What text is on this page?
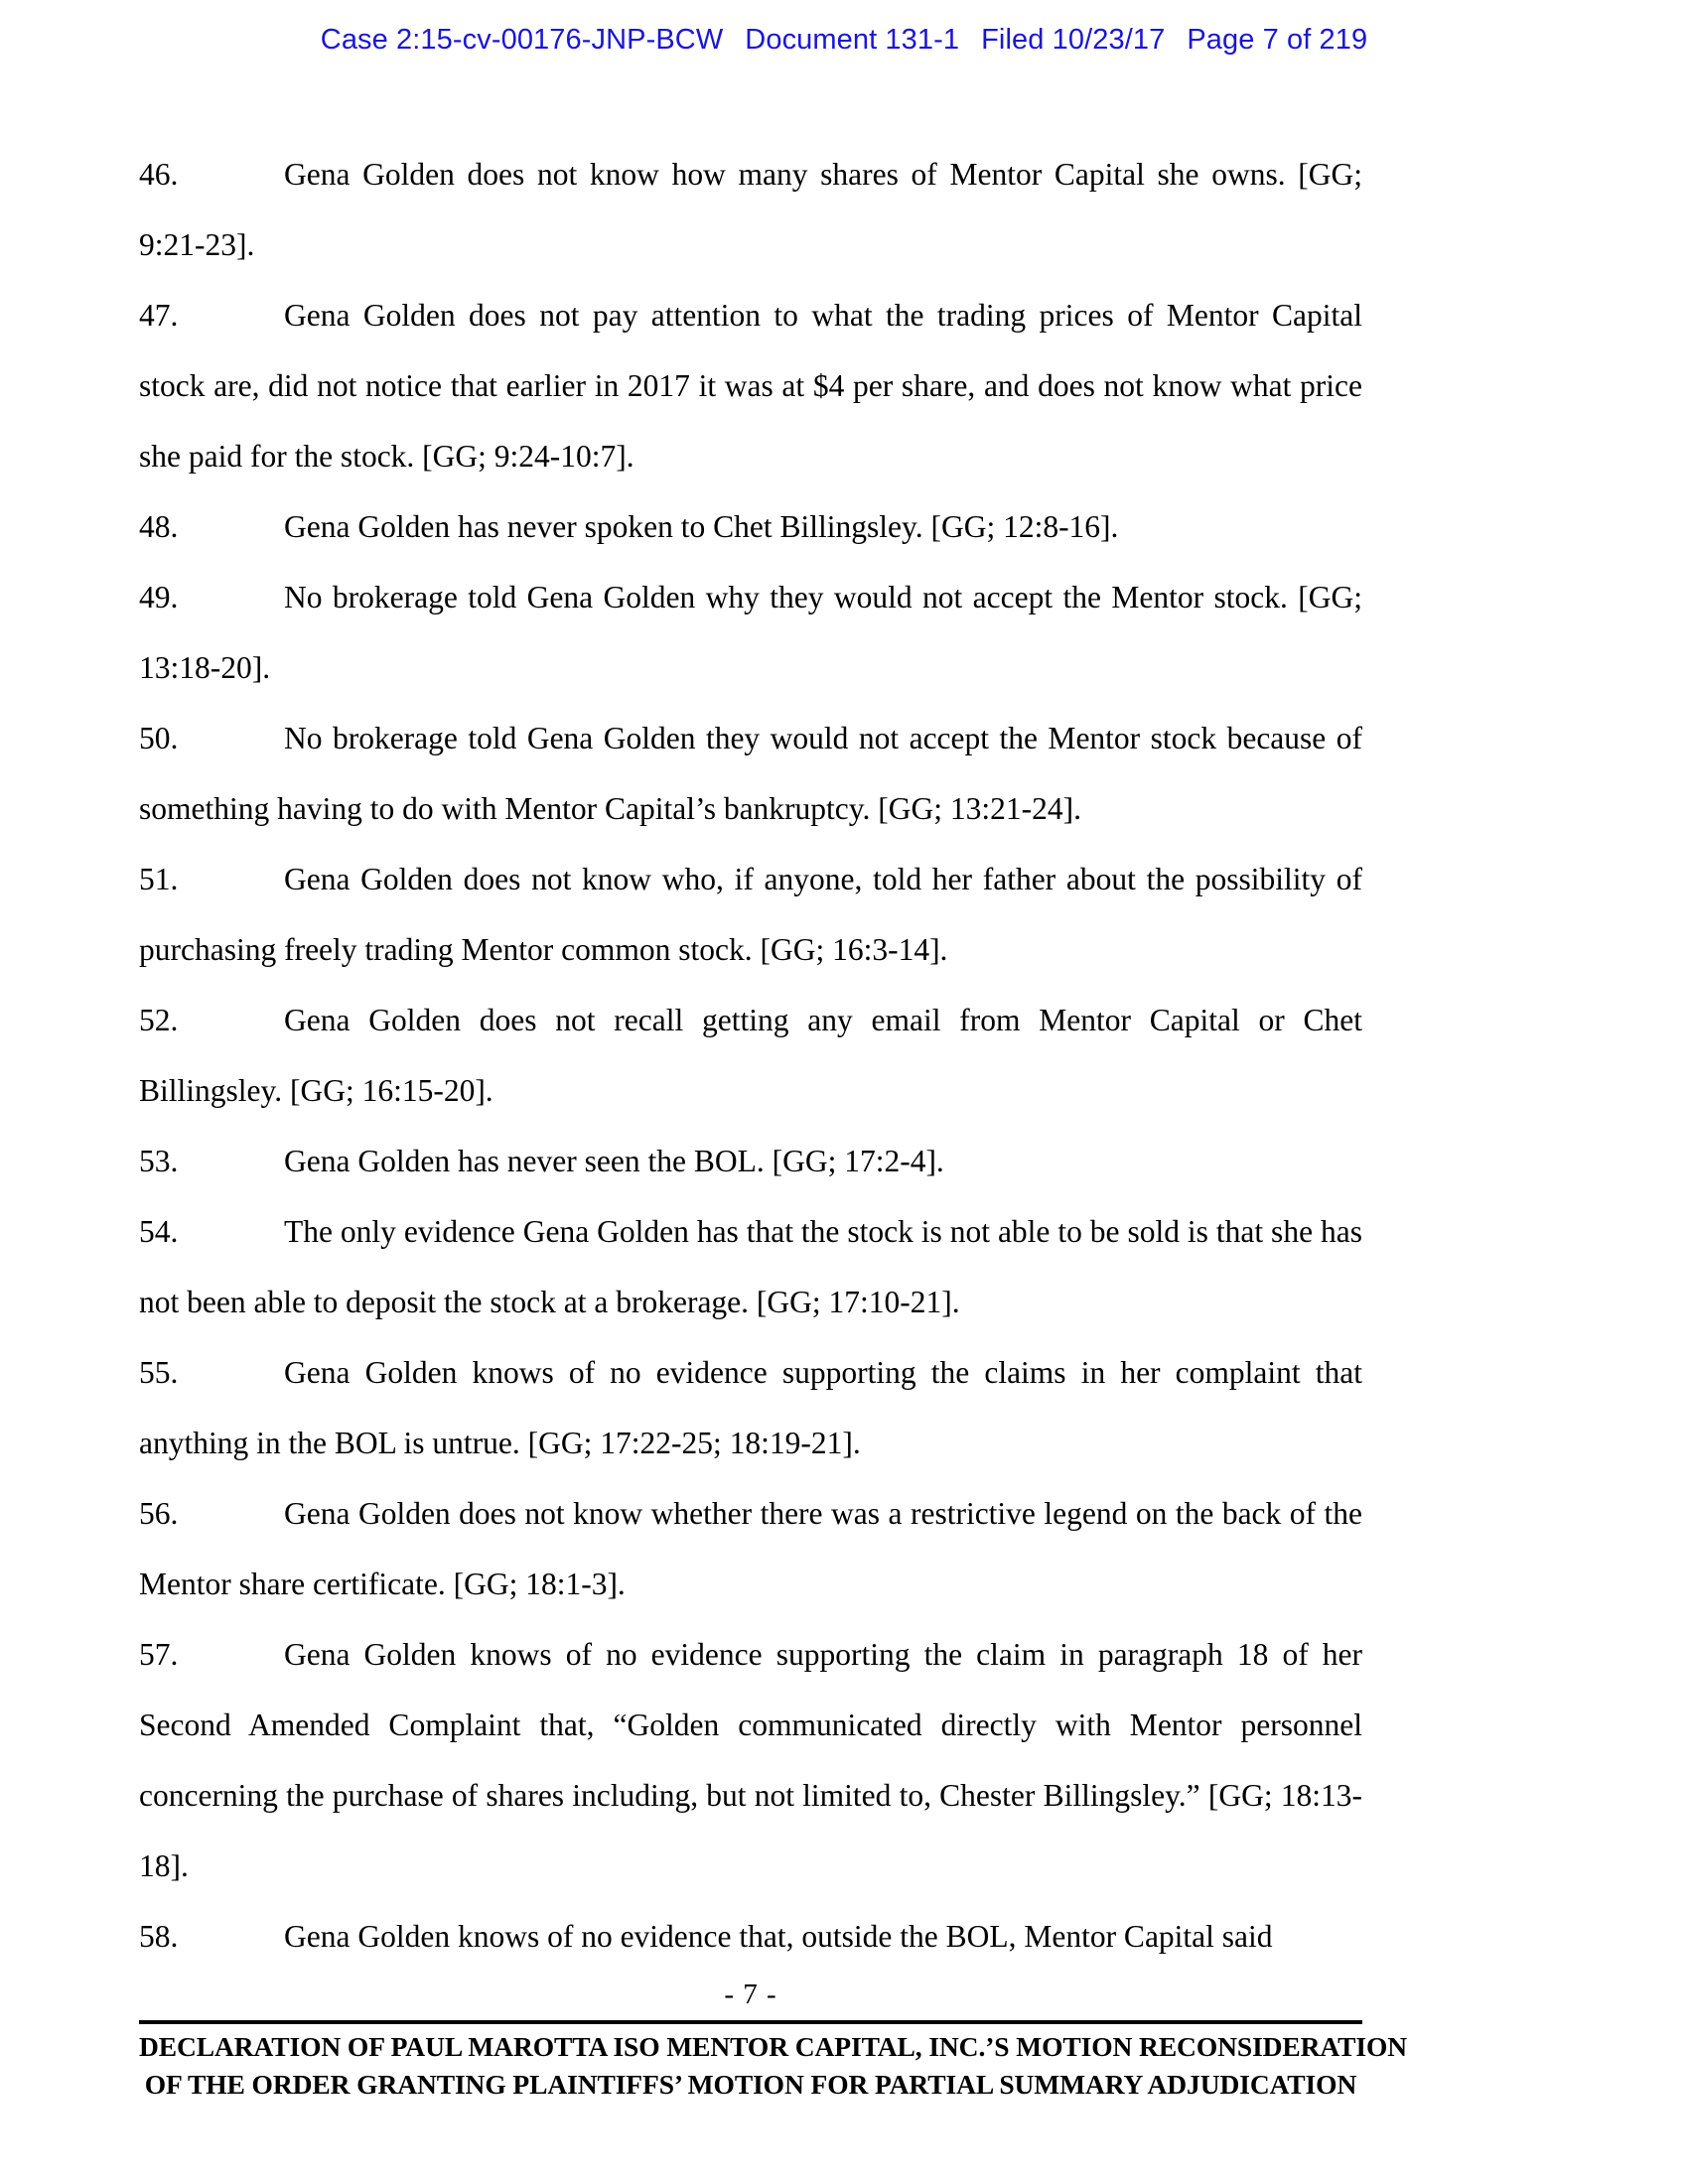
Case 2:15-cv-00176-JNP-BCW Document 131-1 Filed 10/23/17 Page 7 of 219

46.	Gena Golden does not know how many shares of Mentor Capital she owns. [GG; 9:21-23].

47.	Gena Golden does not pay attention to what the trading prices of Mentor Capital stock are, did not notice that earlier in 2017 it was at $4 per share, and does not know what price she paid for the stock. [GG; 9:24-10:7].

48.	Gena Golden has never spoken to Chet Billingsley. [GG; 12:8-16].

49.	No brokerage told Gena Golden why they would not accept the Mentor stock. [GG; 13:18-20].

50.	No brokerage told Gena Golden they would not accept the Mentor stock because of something having to do with Mentor Capital’s bankruptcy. [GG; 13:21-24].

51.	Gena Golden does not know who, if anyone, told her father about the possibility of purchasing freely trading Mentor common stock. [GG; 16:3-14].

52.	Gena Golden does not recall getting any email from Mentor Capital or Chet Billingsley. [GG; 16:15-20].

53.	Gena Golden has never seen the BOL. [GG; 17:2-4].

54.	The only evidence Gena Golden has that the stock is not able to be sold is that she has not been able to deposit the stock at a brokerage. [GG; 17:10-21].

55.	Gena Golden knows of no evidence supporting the claims in her complaint that anything in the BOL is untrue. [GG; 17:22-25; 18:19-21].

56.	Gena Golden does not know whether there was a restrictive legend on the back of the Mentor share certificate. [GG; 18:1-3].

57.	Gena Golden knows of no evidence supporting the claim in paragraph 18 of her Second Amended Complaint that, “Golden communicated directly with Mentor personnel concerning the purchase of shares including, but not limited to, Chester Billingsley.” [GG; 18:13-18].

58.	Gena Golden knows of no evidence that, outside the BOL, Mentor Capital said

- 7 -
DECLARATION OF PAUL MAROTTA ISO MENTOR CAPITAL, INC.’S MOTION RECONSIDERATION
OF THE ORDER GRANTING PLAINTIFFS’ MOTION FOR PARTIAL SUMMARY ADJUDICATION
